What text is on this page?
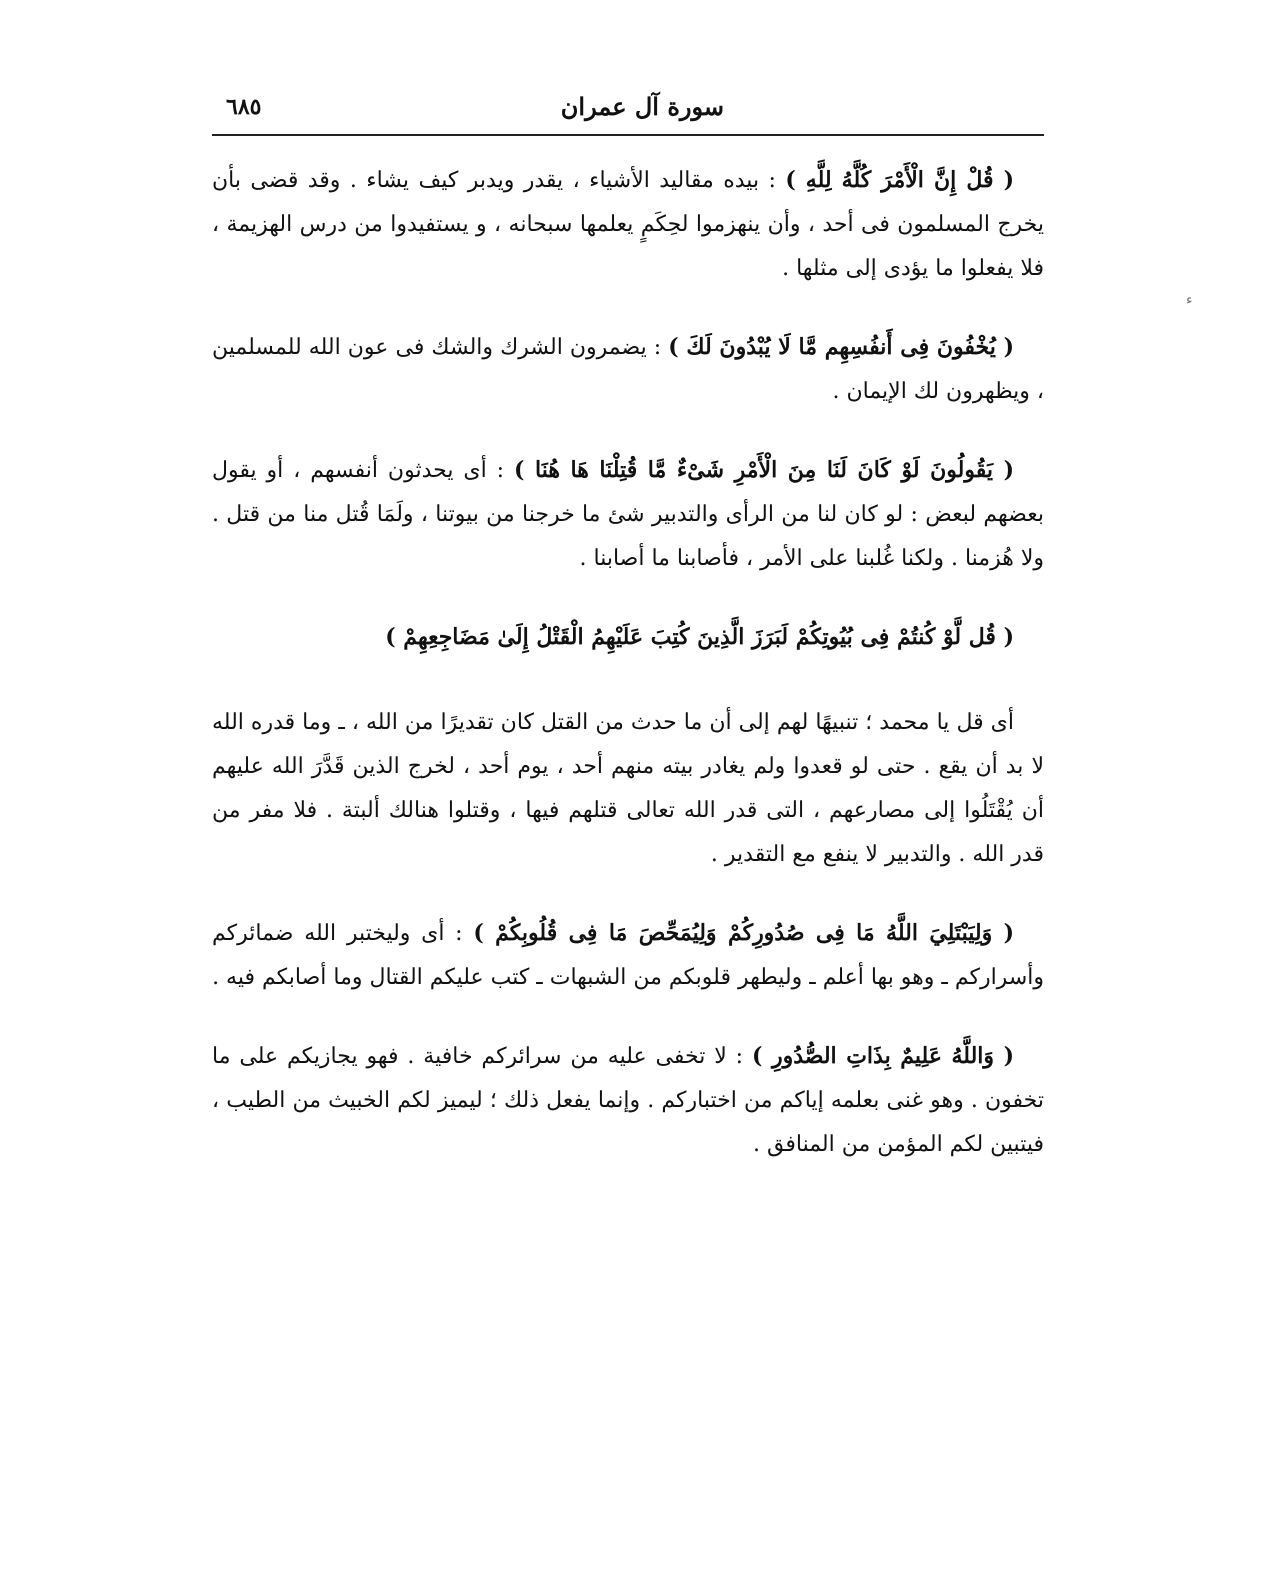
سورة آل عمران
٦٨٥
ء

( قُلْ إِنَّ الْأَمْرَ كُلَّهُ لِلَّهِ ) : بيده مقاليد الأشياء ، يقدر ويدبر كيف يشاء . وقد قضى بأن يخرج المسلمون فى أحد ، وأن ينهزموا لحِكَمٍ يعلمها سبحانه ، و يستفيدوا من درس الهزيمة ، فلا يفعلوا ما يؤدى إلى مثلها .

( يُخْفُونَ فِى أَنفُسِهِم مَّا لَا يُبْدُونَ لَكَ ) : يضمرون الشرك والشك فى عون الله للمسلمين ، ويظهرون لك الإيمان .

( يَقُولُونَ لَوْ كَانَ لَنَا مِنَ الْأَمْرِ شَىْءٌ مَّا قُتِلْنَا هَا هُنَا ) : أى يحدثون أنفسهم ، أو يقول بعضهم لبعض : لو كان لنا من الرأى والتدبير شئ ما خرجنا من بيوتنا ، ولَمَا قُتل منا من قتل . ولا هُزمنا . ولكنا غُلبنا على الأمر ، فأصابنا ما أصابنا .

( قُل لَّوْ كُنتُمْ فِى بُيُوتِكُمْ لَبَرَزَ الَّذِينَ كُتِبَ عَلَيْهِمُ الْقَتْلُ إِلَىٰ مَضَاجِعِهِمْ )

أى قل يا محمد ؛ تنبيهًا لهم إلى أن ما حدث من القتل كان تقديرًا من الله ، ـ وما قدره الله لا بد أن يقع . حتى لو قعدوا ولم يغادر بيته منهم أحد ، يوم أحد ، لخرج الذين قَدَّرَ الله عليهم أن يُقْتَلُوا إلى مصارعهم ، التى قدر الله تعالى قتلهم فيها ، وقتلوا هنالك ألبتة . فلا مفر من قدر الله . والتدبير لا ينفع مع التقدير .

( وَلِيَبْتَلِيَ اللَّهُ مَا فِى صُدُورِكُمْ وَلِيُمَحِّصَ مَا فِى قُلُوبِكُمْ ) : أى وليختبر الله ضمائركم وأسراركم ـ وهو بها أعلم ـ وليطهر قلوبكم من الشبهات ـ كتب عليكم القتال وما أصابكم فيه .

( وَاللَّهُ عَلِيمٌ بِذَاتِ الصُّدُورِ ) : لا تخفى عليه من سرائركم خافية . فهو يجازيكم على ما تخفون . وهو غنى بعلمه إياكم من اختباركم . وإنما يفعل ذلك ؛ ليميز لكم الخبيث من الطيب ، فيتبين لكم المؤمن من المنافق .
